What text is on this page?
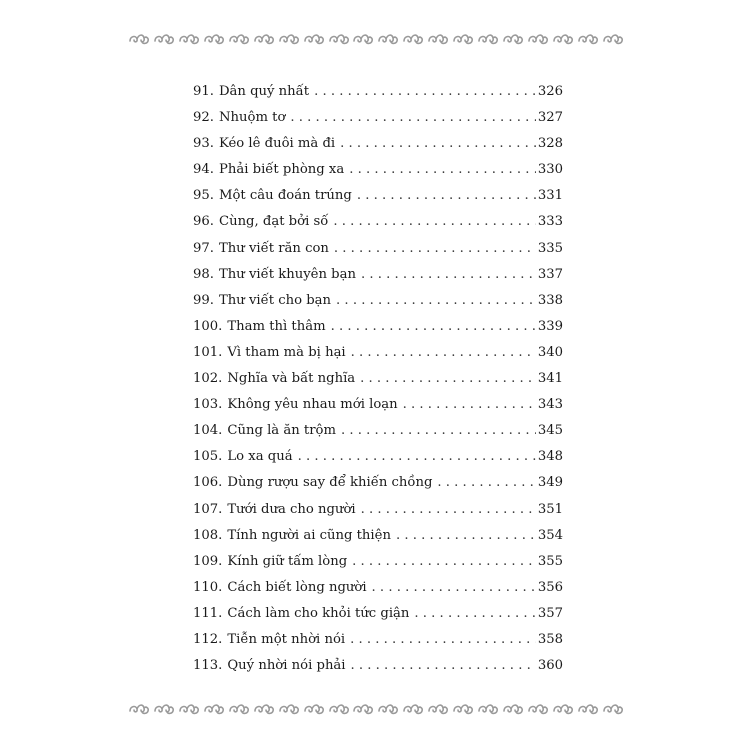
91. Dân quý nhất . . .	326
92. Nhuộm tơ . . .	327
93. Kéo lê đuôi mà đi . . .	328
94. Phải biết phòng xa . . .	330
95. Một câu đoán trúng . . .	331
96. Cùng, đạt bởi số . . .	333
97. Thư viết răn con . . .	335
98. Thư viết khuyên bạn . . .	337
99. Thư viết cho bạn . . .	338
100. Tham thì thâm . . .	339
101. Vì tham mà bị hại . . .	340
102. Nghĩa và bất nghĩa . . .	341
103. Không yêu nhau mới loạn . . .	343
104. Cũng là ăn trộm . . .	345
105. Lo xa quá . . .	348
106. Dùng rượu say để khiến chồng . . .	349
107. Tưới dưa cho người . . .	351
108. Tính người ai cũng thiện . . .	354
109. Kính giữ tấm lòng . . .	355
110. Cách biết lòng người . . .	356
111. Cách làm cho khỏi tức giận . . .	357
112. Tiễn một nhời nói . . .	358
113. Quý nhời nói phải . . .	360
